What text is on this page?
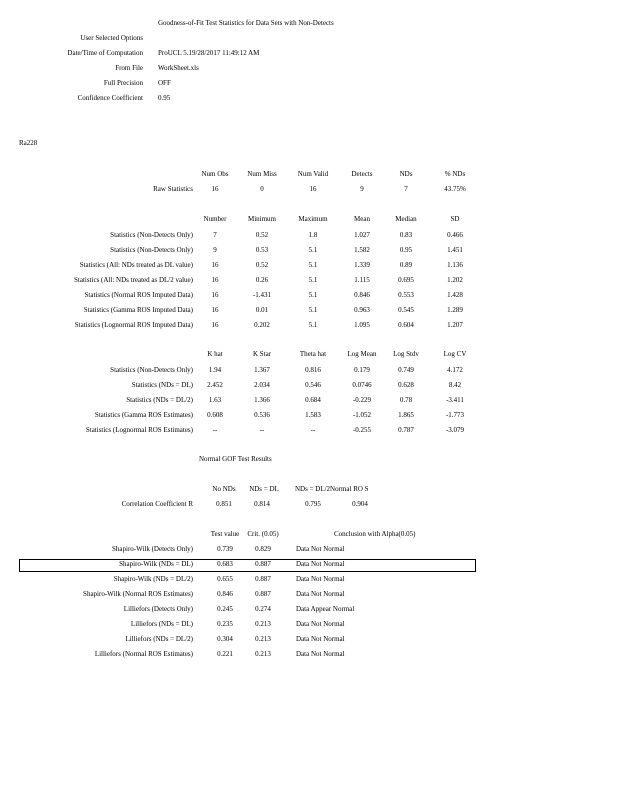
Goodness-of-Fit Test Statistics for Data Sets with Non-Detects
User Selected Options
Date/Time of Computation ProUCL 5.19/28/2017 11:49:12 AM
From File WorkSheet.xls
Full Precision OFF
Confidence Coefficient 0.95
Ra228
Num Obs	Num Miss	Num Valid	Detects	NDs	% NDs
Raw Statistics	16	0	16	9	7	43.75%
Number	Minimum	Maximum	Mean	Median	SD
Statistics (Non-Detects Only)	7	0.52	1.8	1.027	0.83	0.466
Statistics (Non-Detects Only)	9	0.53	5.1	1.582	0.95	1.451
Statistics (All: NDs treated as DL value)	16	0.52	5.1	1.339	0.89	1.136
Statistics (All: NDs treated as DL/2 value)	16	0.26	5.1	1.115	0.695	1.202
Statistics (Normal ROS Imputed Data)	16	-1.431	5.1	0.846	0.553	1.428
Statistics (Gamma ROS Imputed Data)	16	0.01	5.1	0.963	0.545	1.289
Statistics (Lognormal ROS Imputed Data)	16	0.202	5.1	1.095	0.604	1.207
K hat	K Star	Theta hat	Log Mean	Log Stdv	Log CV
Statistics (Non-Detects Only)	1.94	1.367	0.816	0.179	0.749	4.172
Statistics (NDs = DL)	2.452	2.034	0.546	0.0746	0.628	8.42
Statistics (NDs = DL/2)	1.63	1.366	0.684	-0.229	0.78	-3.411
Statistics (Gamma ROS Estimates)	0.608	0.536	1.583	-1.052	1.865	-1.773
Statistics (Lognormal ROS Estimates)	--	--	--	-0.255	0.787	-3.079
Normal GOF Test Results
No NDs	NDs = DL	NDs = DL/2Normal RO S
Correlation Coefficient R	0.851	0.814	0.795	0.904
Test value	Crit. (0.05)	Conclusion with Alpha(0.05)
Shapiro-Wilk (Detects Only)	0.739	0.829	Data Not Normal
Shapiro-Wilk (NDs = DL)	0.683	0.887	Data Not Normal
Shapiro-Wilk (NDs = DL/2)	0.655	0.887	Data Not Normal
Shapiro-Wilk (Normal ROS Estimates)	0.846	0.887	Data Not Normal
Lilliefors (Detects Only)	0.245	0.274	Data Appear Normal
Lilliefors (NDs = DL)	0.235	0.213	Data Not Normal
Lilliefors (NDs = DL/2)	0.304	0.213	Data Not Normal
Lilliefors (Normal ROS Estimates)	0.221	0.213	Data Not Normal
